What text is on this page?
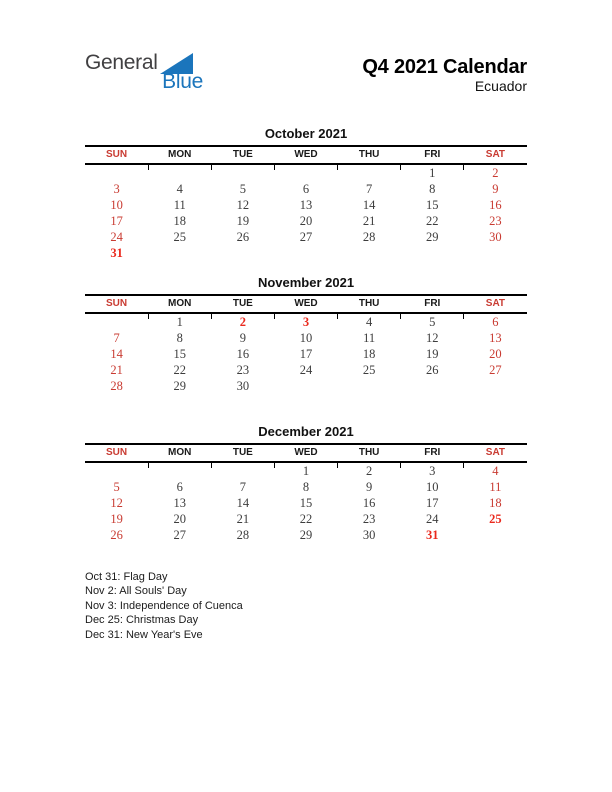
General
Blue
Q4 2021 Calendar
Ecuador
October 2021
SUN	MON	TUE	WED	THU	FRI	SAT
					1	2
3	4	5	6	7	8	9
10	11	12	13	14	15	16
17	18	19	20	21	22	23
24	25	26	27	28	29	30
31						
November 2021
SUN	MON	TUE	WED	THU	FRI	SAT
	1	2	3	4	5	6
7	8	9	10	11	12	13
14	15	16	17	18	19	20
21	22	23	24	25	26	27
28	29	30				
December 2021
SUN	MON	TUE	WED	THU	FRI	SAT
			1	2	3	4
5	6	7	8	9	10	11
12	13	14	15	16	17	18
19	20	21	22	23	24	25
26	27	28	29	30	31	
Oct 31: Flag Day
Nov 2: All Souls' Day
Nov 3: Independence of Cuenca
Dec 25: Christmas Day
Dec 31: New Year's Eve
